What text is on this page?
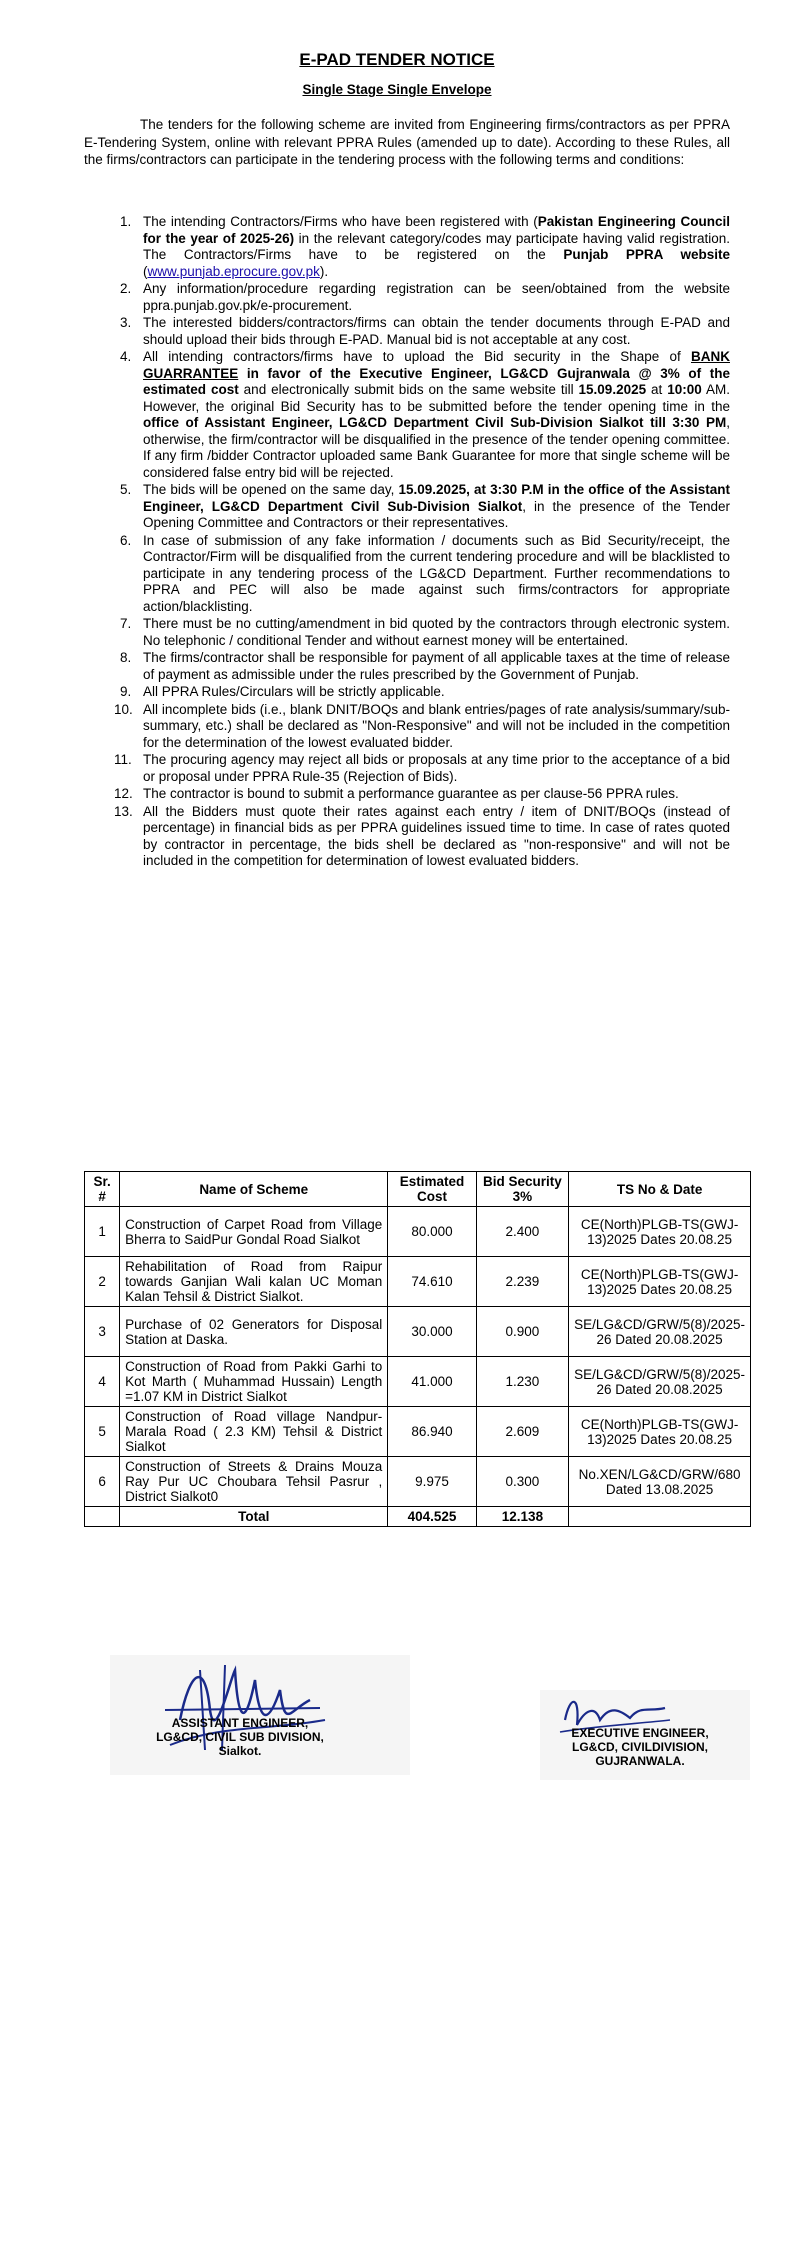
E-PAD TENDER NOTICE
Single Stage Single Envelope

The tenders for the following scheme are invited from Engineering firms/contractors as per PPRA E-Tendering System, online with relevant PPRA Rules (amended up to date). According to these Rules, all the firms/contractors can participate in the tendering process with the following terms and conditions:

1. The intending Contractors/Firms who have been registered with (Pakistan Engineering Council for the year of 2025-26) in the relevant category/codes may participate having valid registration. The Contractors/Firms have to be registered on the Punjab PPRA website (www.punjab.eprocure.gov.pk).
2. Any information/procedure regarding registration can be seen/obtained from the website ppra.punjab.gov.pk/e-procurement.
3. The interested bidders/contractors/firms can obtain the tender documents through E-PAD and should upload their bids through E-PAD. Manual bid is not acceptable at any cost.
4. All intending contractors/firms have to upload the Bid security in the Shape of BANK GUARRANTEE in favor of the Executive Engineer, LG&CD Gujranwala @ 3% of the estimated cost and electronically submit bids on the same website till 15.09.2025 at 10:00 AM. However, the original Bid Security has to be submitted before the tender opening time in the office of Assistant Engineer, LG&CD Department Civil Sub-Division Sialkot till 3:30 PM, otherwise, the firm/contractor will be disqualified in the presence of the tender opening committee. If any firm /bidder Contractor uploaded same Bank Guarantee for more that single scheme will be considered false entry bid will be rejected.
5. The bids will be opened on the same day, 15.09.2025, at 3:30 P.M in the office of the Assistant Engineer, LG&CD Department Civil Sub-Division Sialkot, in the presence of the Tender Opening Committee and Contractors or their representatives.
6. In case of submission of any fake information / documents such as Bid Security/receipt, the Contractor/Firm will be disqualified from the current tendering procedure and will be blacklisted to participate in any tendering process of the LG&CD Department. Further recommendations to PPRA and PEC will also be made against such firms/contractors for appropriate action/blacklisting.
7. There must be no cutting/amendment in bid quoted by the contractors through electronic system. No telephonic / conditional Tender and without earnest money will be entertained.
8. The firms/contractor shall be responsible for payment of all applicable taxes at the time of release of payment as admissible under the rules prescribed by the Government of Punjab.
9. All PPRA Rules/Circulars will be strictly applicable.
10. All incomplete bids (i.e., blank DNIT/BOQs and blank entries/pages of rate analysis/summary/sub-summary, etc.) shall be declared as "Non-Responsive" and will not be included in the competition for the determination of the lowest evaluated bidder.
11. The procuring agency may reject all bids or proposals at any time prior to the acceptance of a bid or proposal under PPRA Rule-35 (Rejection of Bids).
12. The contractor is bound to submit a performance guarantee as per clause-56 PPRA rules.
13. All the Bidders must quote their rates against each entry / item of DNIT/BOQs (instead of percentage) in financial bids as per PPRA guidelines issued time to time. In case of rates quoted by contractor in percentage, the bids shell be declared as "non-responsive" and will not be included in the competition for determination of lowest evaluated bidders.
Sr. #	Name of Scheme	Estimated Cost	Bid Security 3%	TS No & Date
1	Construction of Carpet Road from Village Bherra to SaidPur Gondal Road Sialkot	80.000	2.400	CE(North)PLGB-TS(GWJ-13)2025 Dates 20.08.25
2	Rehabilitation of Road from Raipur towards Ganjian Wali kalan UC Moman Kalan Tehsil & District Sialkot.	74.610	2.239	CE(North)PLGB-TS(GWJ-13)2025 Dates 20.08.25
3	Purchase of 02 Generators for Disposal Station at Daska.	30.000	0.900	SE/LG&CD/GRW/5(8)/2025-26 Dated 20.08.2025
4	Construction of Road from Pakki Garhi to Kot Marth ( Muhammad Hussain) Length =1.07 KM in District Sialkot	41.000	1.230	SE/LG&CD/GRW/5(8)/2025-26 Dated 20.08.2025
5	Construction of Road village Nandpur-Marala Road ( 2.3 KM) Tehsil & District Sialkot	86.940	2.609	CE(North)PLGB-TS(GWJ-13)2025 Dates 20.08.25
6	Construction of Streets & Drains Mouza Ray Pur UC Choubara Tehsil Pasrur , District Sialkot0	9.975	0.300	No.XEN/LG&CD/GRW/680 Dated 13.08.2025
	Total	404.525	12.138	
ASSISTANT ENGINEER,
LG&CD, CIVIL SUB DIVISION,
Sialkot.
EXECUTIVE ENGINEER,
LG&CD, CIVILDIVISION,
GUJRANWALA.
